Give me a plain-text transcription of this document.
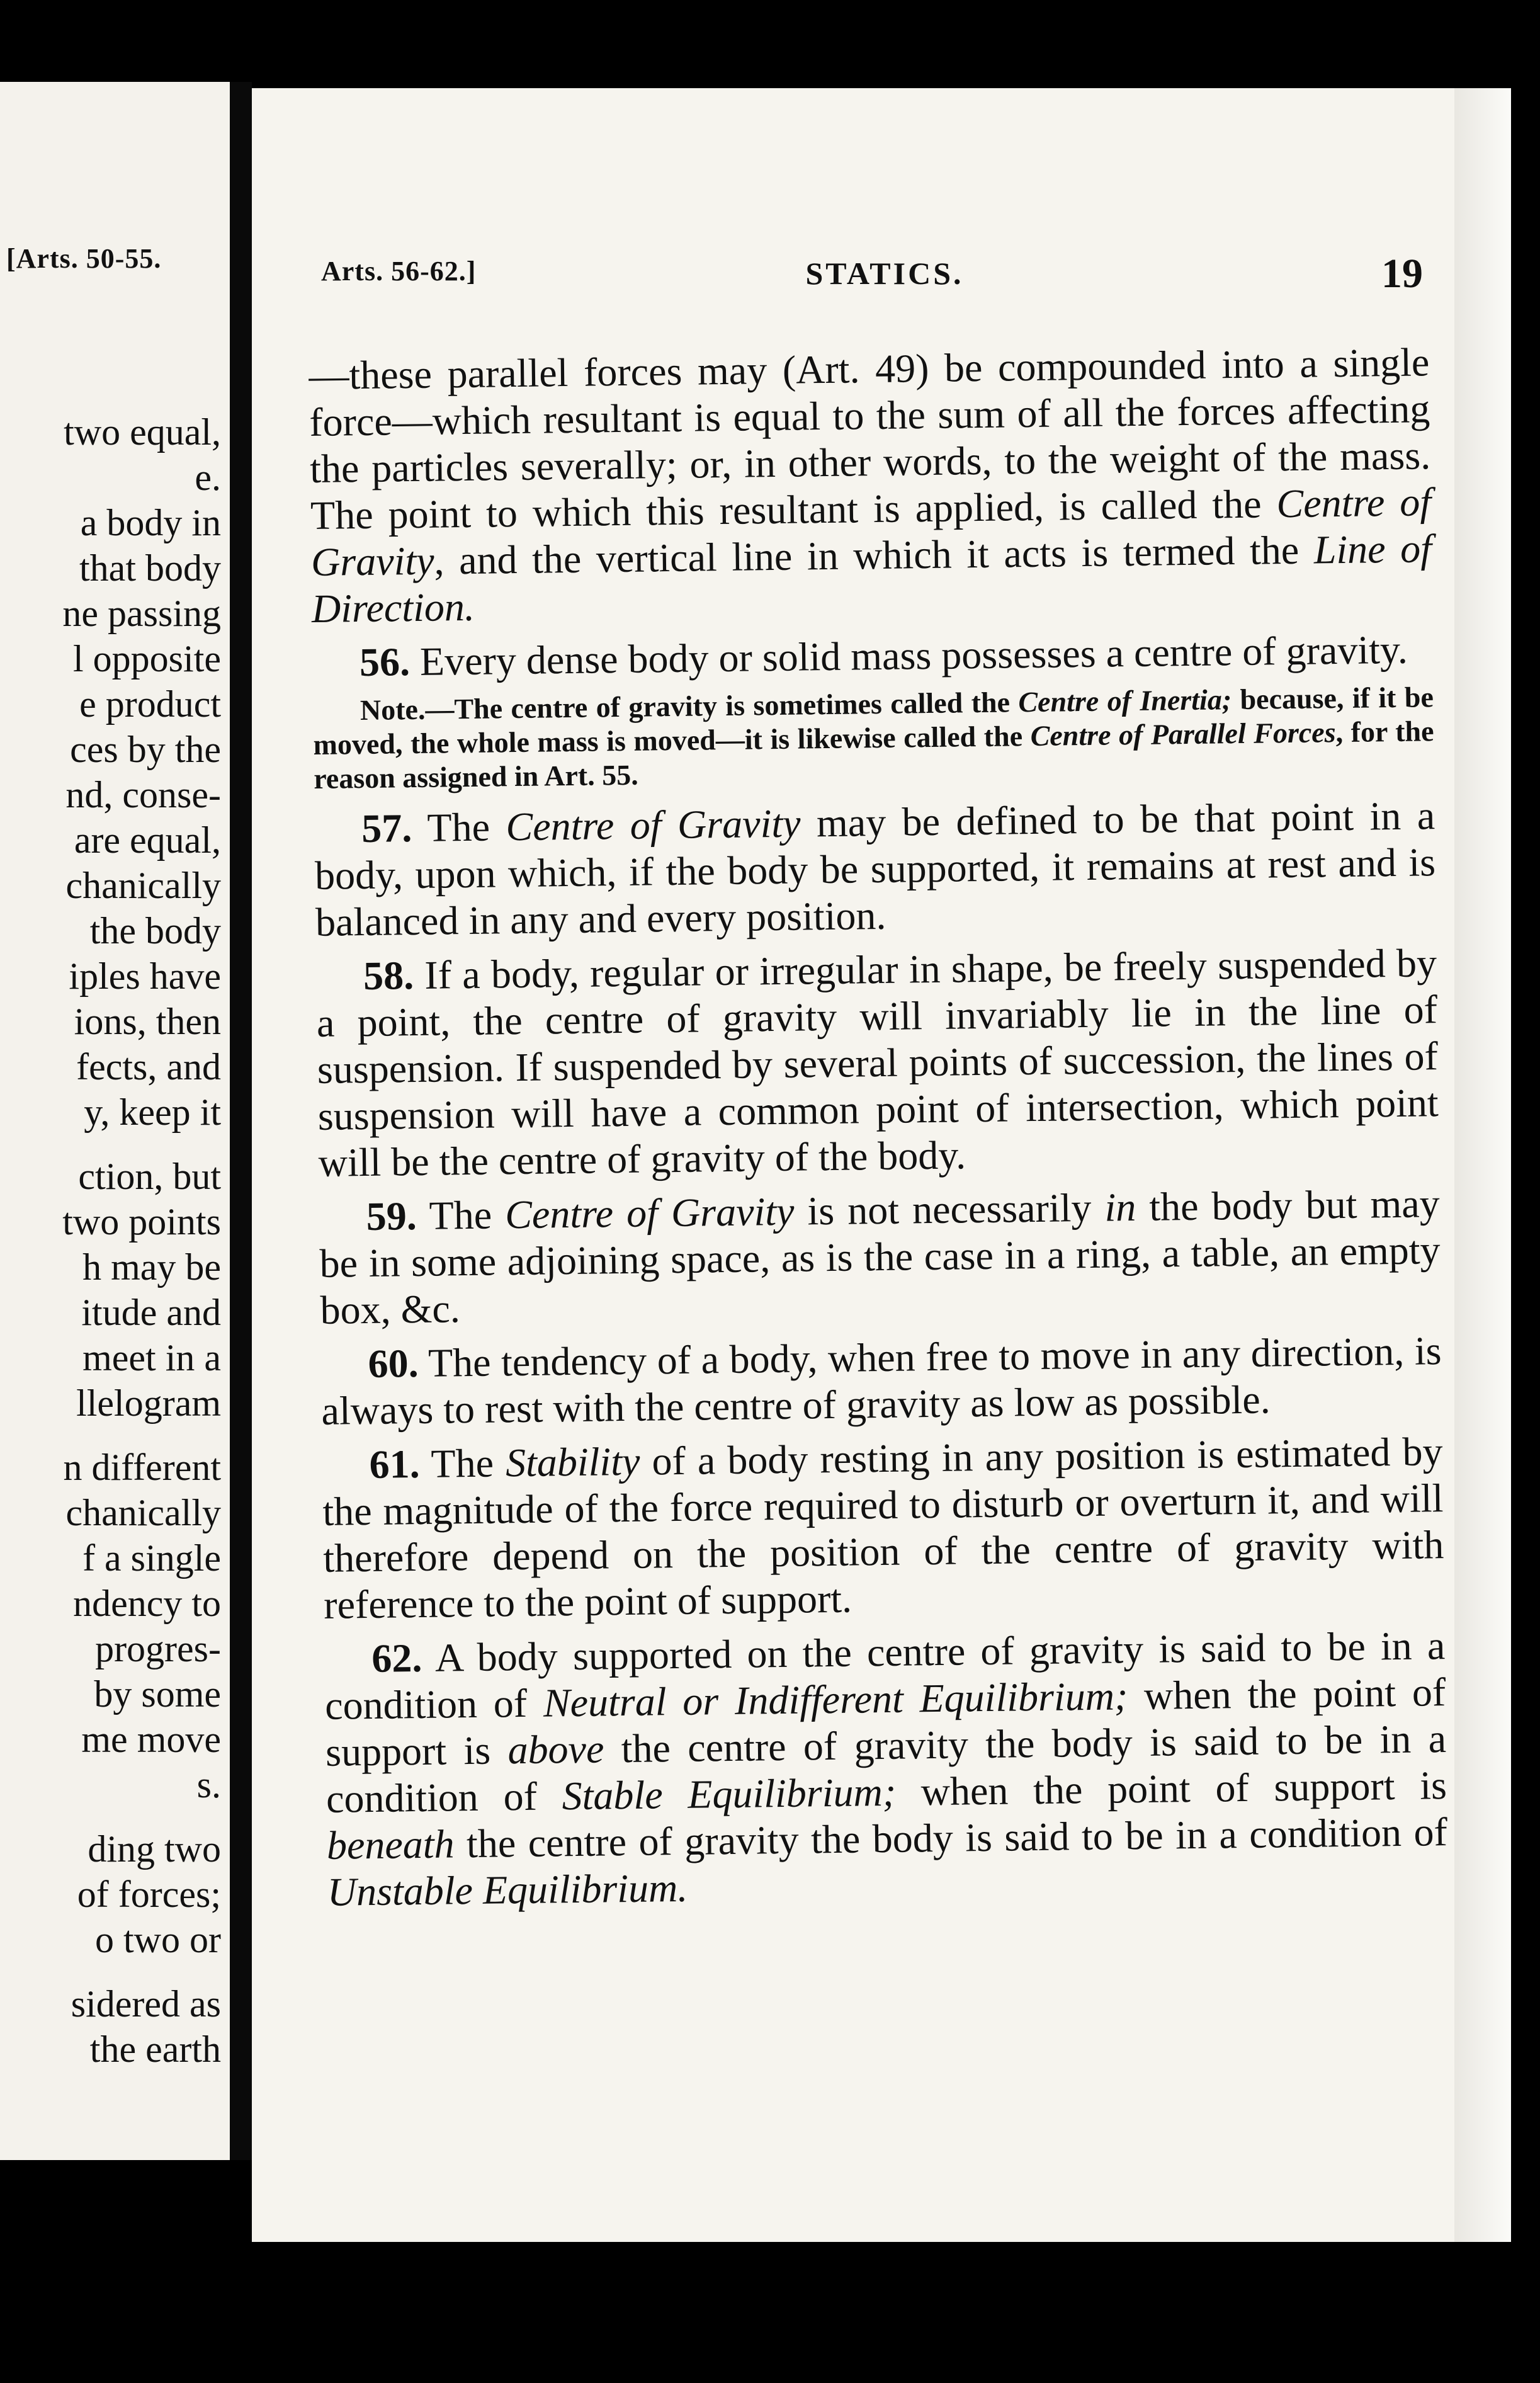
[Arts. 50-55.
two equal,
e.
a body in
that body
ne passing
l opposite
e product
ces by the
nd, conse-
are equal,
chanically
the body
iples have
ions, then
fects, and
y, keep it
ction, but
two points
h may be
itude and
meet in a
llelogram
n different
chanically
f a single
ndency to
progres-
by some
me move
s.
ding two
of forces;
o two or
sidered as
the earth
Arts. 56-62.]	STATICS.	19

—these parallel forces may (Art. 49) be compounded into a single force—which resultant is equal to the sum of all the forces affecting the particles severally; or, in other words, to the weight of the mass. The point to which this resultant is applied, is called the Centre of Gravity, and the vertical line in which it acts is termed the Line of Direction.

56. Every dense body or solid mass possesses a centre of gravity.

Note.—The centre of gravity is sometimes called the Centre of Inertia; because, if it be moved, the whole mass is moved—it is likewise called the Centre of Parallel Forces, for the reason assigned in Art. 55.

57. The Centre of Gravity may be defined to be that point in a body, upon which, if the body be supported, it remains at rest and is balanced in any and every position.

58. If a body, regular or irregular in shape, be freely suspended by a point, the centre of gravity will invariably lie in the line of suspension. If suspended by several points of succession, the lines of suspension will have a common point of intersection, which point will be the centre of gravity of the body.

59. The Centre of Gravity is not necessarily in the body but may be in some adjoining space, as is the case in a ring, a table, an empty box, &c.

60. The tendency of a body, when free to move in any direction, is always to rest with the centre of gravity as low as possible.

61. The Stability of a body resting in any position is estimated by the magnitude of the force required to disturb or overturn it, and will therefore depend on the position of the centre of gravity with reference to the point of support.

62. A body supported on the centre of gravity is said to be in a condition of Neutral or Indifferent Equilibrium; when the point of support is above the centre of gravity the body is said to be in a condition of Stable Equilibrium; when the point of support is beneath the centre of gravity the body is said to be in a condition of Unstable Equilibrium.
